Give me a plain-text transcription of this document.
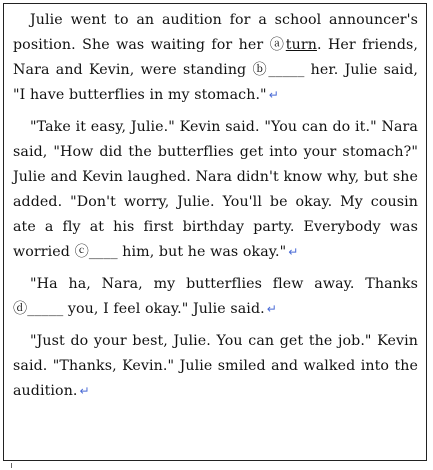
Julie went to an audition for a school announcer's position. She was waiting for her ⓐturn. Her friends, Nara and Kevin, were standing ⓑ_____ her. Julie said, "I have butterflies in my stomach." ↵

"Take it easy, Julie." Kevin said. "You can do it." Nara said, "How did the butterflies get into your stomach?" Julie and Kevin laughed. Nara didn't know why, but she added. "Don't worry, Julie. You'll be okay. My cousin ate a fly at his first birthday party. Everybody was worried ⓒ____ him, but he was okay." ↵

"Ha ha, Nara, my butterflies flew away. Thanks ⓓ_____ you, I feel okay." Julie said. ↵

"Just do your best, Julie. You can get the job." Kevin said. "Thanks, Kevin." Julie smiled and walked into the audition. ↵
